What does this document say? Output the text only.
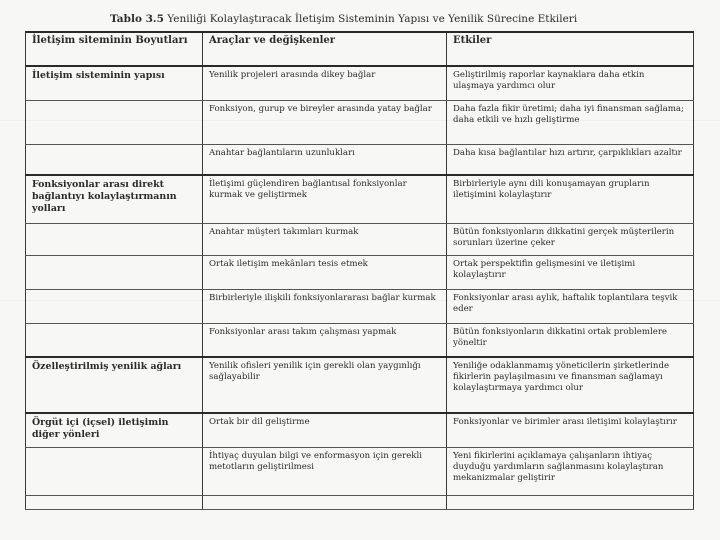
Tablo 3.5 Yeniliği Kolaylaştıracak İletişim Sisteminin Yapısı ve Yenilik Sürecine Etkileri
İletişim siteminin Boyutları	Araçlar ve değişkenler	Etkiler
İletişim sisteminin yapısı	Yenilik projeleri arasında dikey bağlar	Geliştirilmiş raporlar kaynaklara daha etkin ulaşmaya yardımcı olur
	Fonksiyon, gurup ve bireyler arasında yatay bağlar	Daha fazla fikir üretimi; daha iyi finansman sağlama; daha etkili ve hızlı geliştirme
	Anahtar bağlantıların uzunlukları	Daha kısa bağlantılar hızı artırır, çarpıklıkları azaltır
Fonksiyonlar arası direkt bağlantıyı kolaylaştırmanın yolları	İletişimi güçlendiren bağlantısal fonksiyonlar kurmak ve geliştirmek	Birbirleriyle aynı dili konuşamayan grupların iletişimini kolaylaştırır
	Anahtar müşteri takımları kurmak	Bütün fonksiyonların dikkatini gerçek müşterilerin sorunları üzerine çeker
	Ortak iletişim mekânları tesis etmek	Ortak perspektifin gelişmesini ve iletişimi kolaylaştırır
	Birbirleriyle ilişkili fonksiyonlararası bağlar kurmak	Fonksiyonlar arası aylık, haftalık toplantılara teşvik eder
	Fonksiyonlar arası takım çalışması yapmak	Bütün fonksiyonların dikkatini ortak problemlere yöneltir
Özelleştirilmiş yenilik ağları	Yenilik ofisleri yenilik için gerekli olan yaygınlığı sağlayabilir	Yeniliğe odaklanmamış yöneticilerin şirketlerinde fikirlerin paylaşılmasını ve finansman sağlamayı kolaylaştırmaya yardımcı olur
Örgüt içi (içsel) iletişimin diğer yönleri	Ortak bir dil geliştirme	Fonksiyonlar ve birimler arası iletişimi kolaylaştırır
	İhtiyaç duyulan bilgi ve enformasyon için gerekli metotların geliştirilmesi	Yeni fikirlerini açıklamaya çalışanların ihtiyaç duyduğu yardımların sağlanmasını kolaylaştıran mekanizmalar geliştirir
